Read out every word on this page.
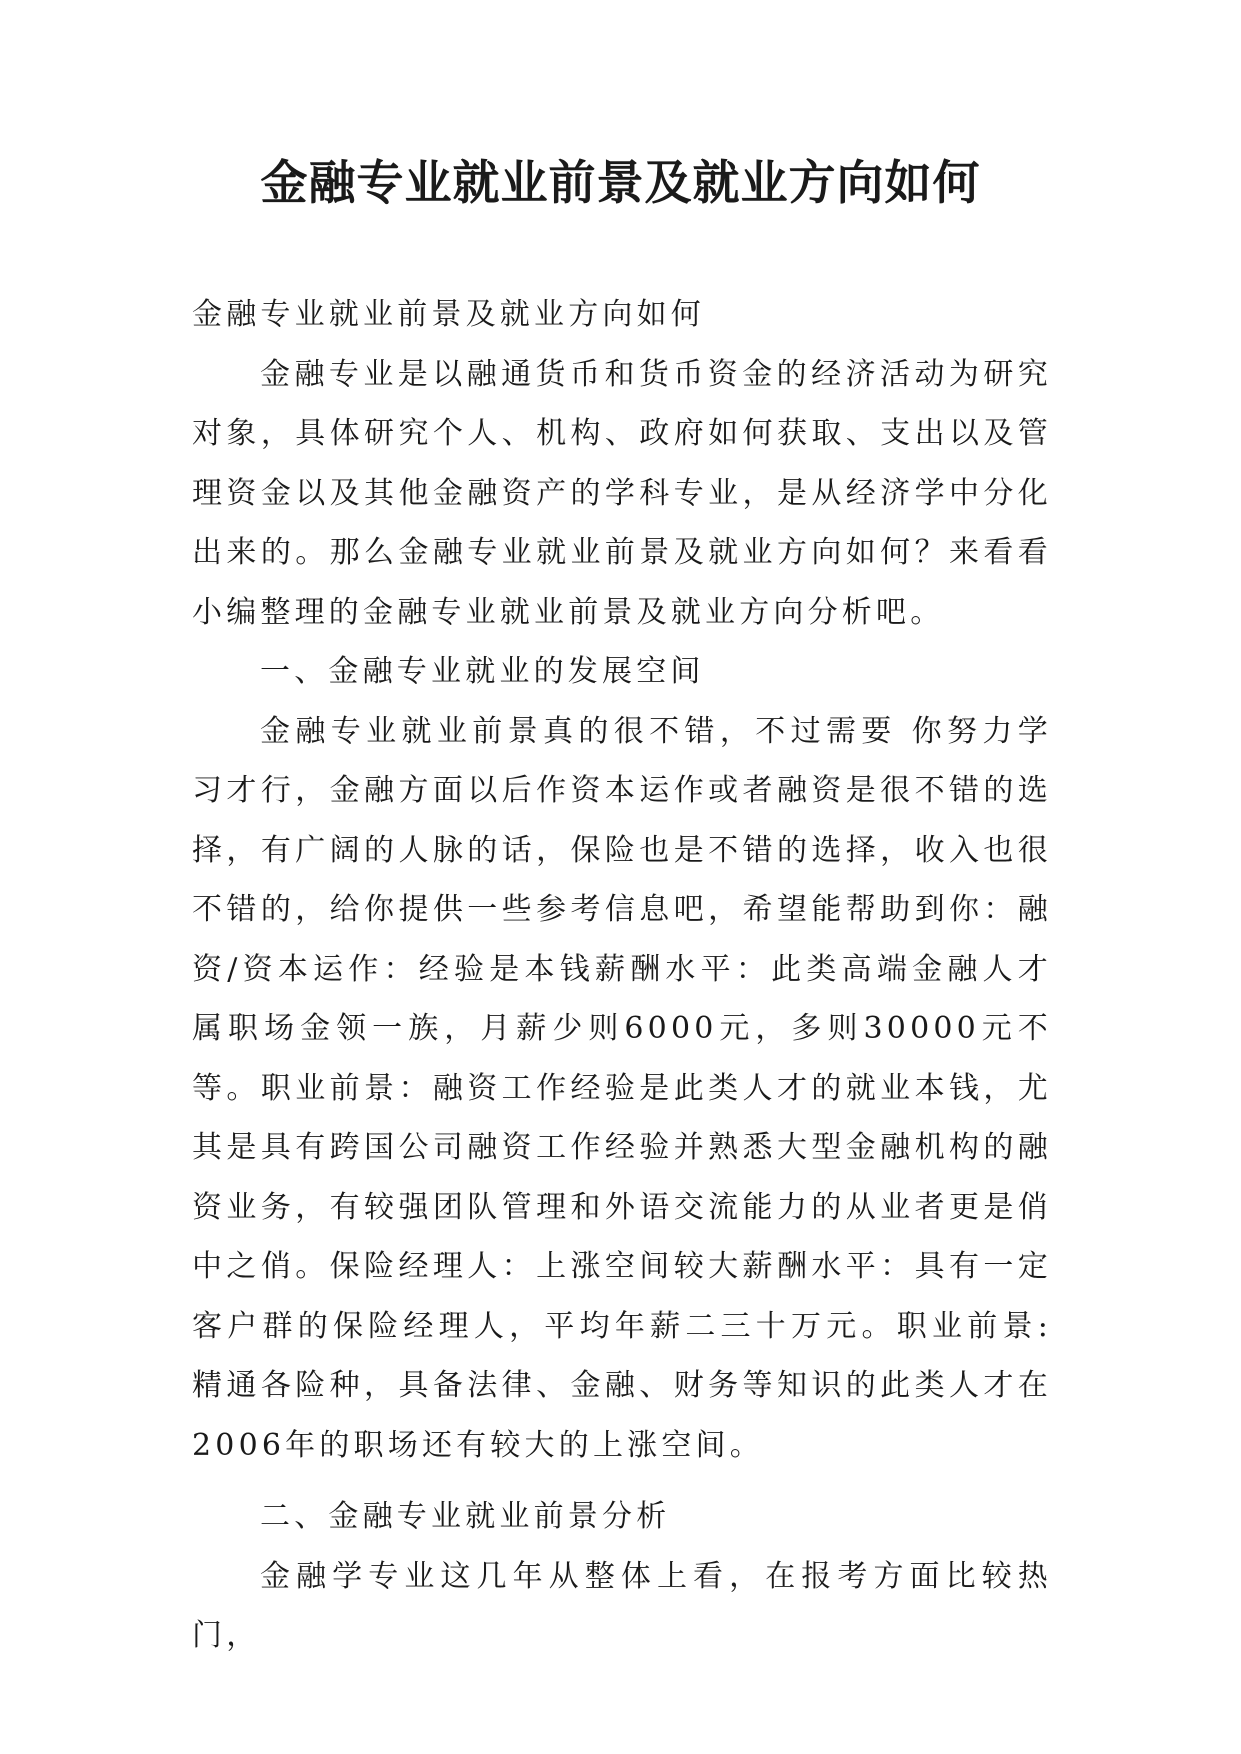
金融专业就业前景及就业方向如何

金融专业就业前景及就业方向如何

金融专业是以融通货币和货币资金的经济活动为研究对象，具体研究个人、机构、政府如何获取、支出以及管理资金以及其他金融资产的学科专业，是从经济学中分化出来的。那么金融专业就业前景及就业方向如何？来看看小编整理的金融专业就业前景及就业方向分析吧。

一、金融专业就业的发展空间

金融专业就业前景真的很不错，不过需要 你努力学习才行，金融方面以后作资本运作或者融资是很不错的选择，有广阔的人脉的话，保险也是不错的选择，收入也很不错的，给你提供一些参考信息吧，希望能帮助到你：融资/资本运作：经验是本钱薪酬水平：此类高端金融人才属职场金领一族，月薪少则6000元，多则30000元不等。职业前景：融资工作经验是此类人才的就业本钱，尤其是具有跨国公司融资工作经验并熟悉大型金融机构的融资业务，有较强团队管理和外语交流能力的从业者更是俏中之俏。保险经理人：上涨空间较大薪酬水平：具有一定客户群的保险经理人，平均年薪二三十万元。职业前景: 精通各险种，具备法律、金融、财务等知识的此类人才在2006年的职场还有较大的上涨空间。

二、金融专业就业前景分析

金融学专业这几年从整体上看，在报考方面比较热门，
